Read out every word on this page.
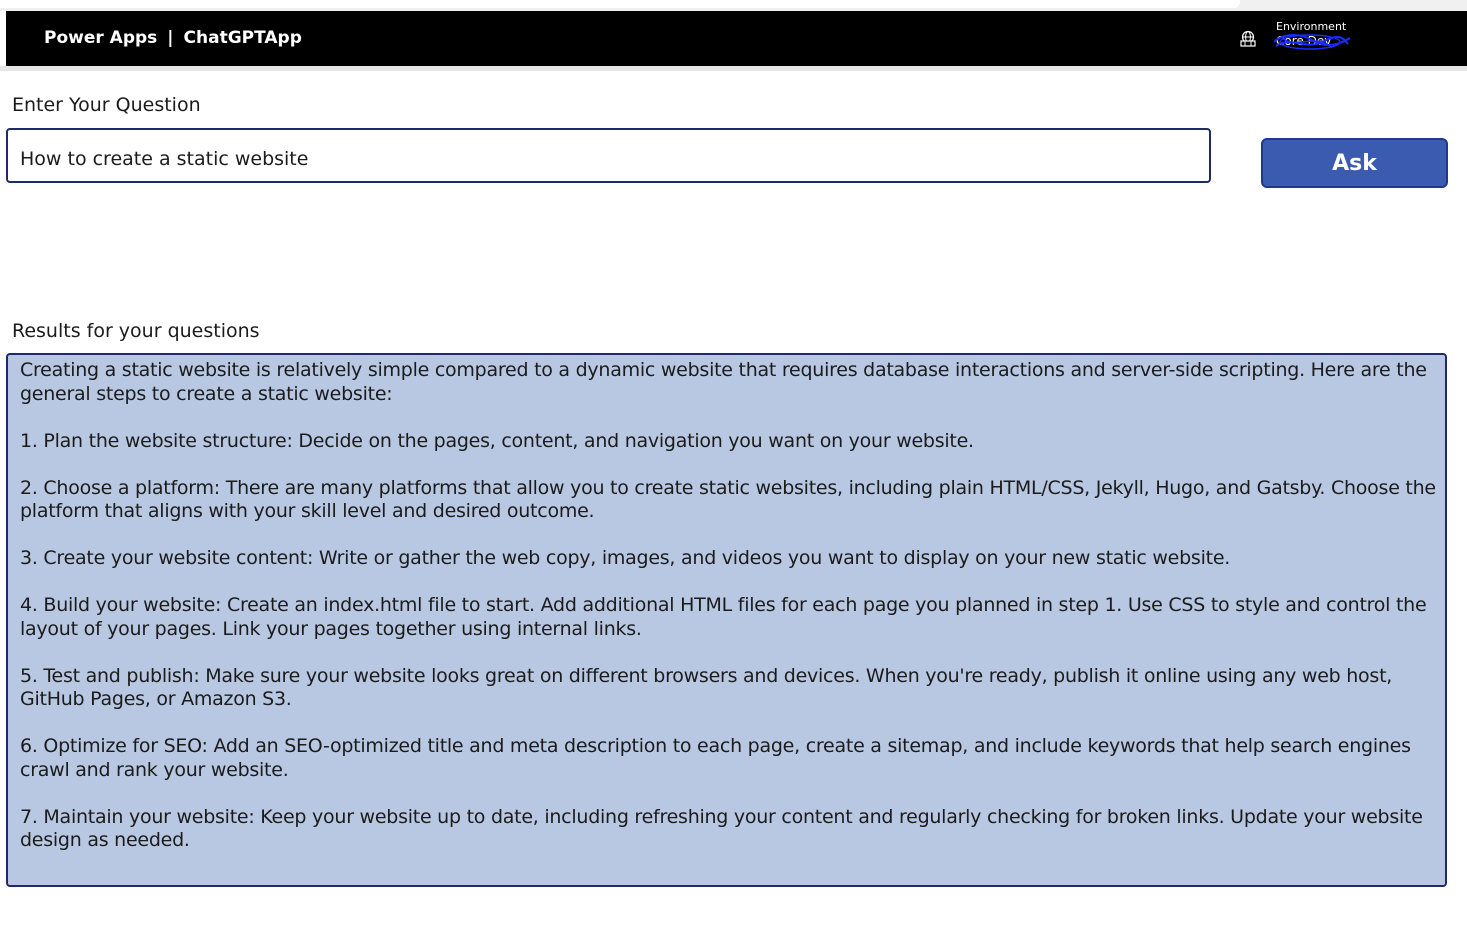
Power Apps | ChatGPTApp
Environment
Core Dev
Enter Your Question
How to create a static website
Ask
Results for your questions

Creating a static website is relatively simple compared to a dynamic website that requires database interactions and server-side scripting. Here are the general steps to create a static website:

1. Plan the website structure: Decide on the pages, content, and navigation you want on your website.

2. Choose a platform: There are many platforms that allow you to create static websites, including plain HTML/CSS, Jekyll, Hugo, and Gatsby. Choose the platform that aligns with your skill level and desired outcome.

3. Create your website content: Write or gather the web copy, images, and videos you want to display on your new static website.

4. Build your website: Create an index.html file to start. Add additional HTML files for each page you planned in step 1. Use CSS to style and control the layout of your pages. Link your pages together using internal links.

5. Test and publish: Make sure your website looks great on different browsers and devices. When you're ready, publish it online using any web host, GitHub Pages, or Amazon S3.

6. Optimize for SEO: Add an SEO-optimized title and meta description to each page, create a sitemap, and include keywords that help search engines crawl and rank your website.

7. Maintain your website: Keep your website up to date, including refreshing your content and regularly checking for broken links. Update your website design as needed.
